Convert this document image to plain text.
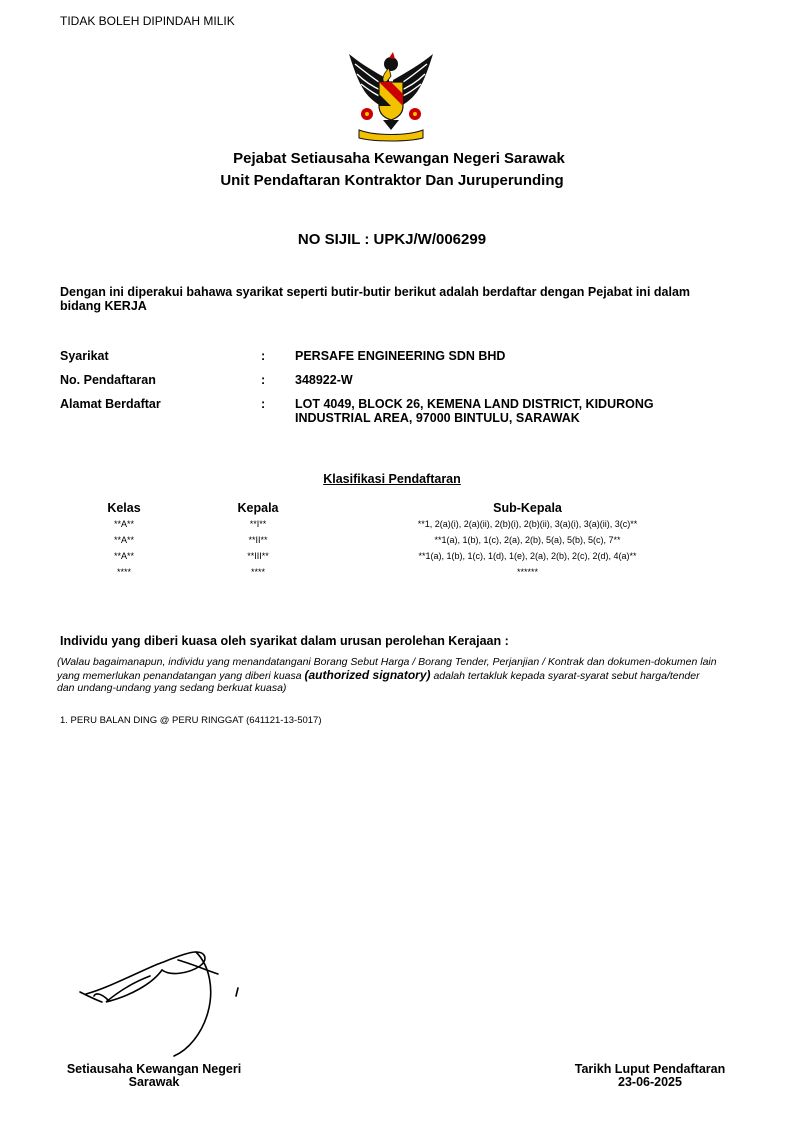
TIDAK BOLEH DIPINDAH MILIK
Pejabat Setiausaha Kewangan Negeri Sarawak
Unit Pendaftaran Kontraktor Dan Juruperunding
NO SIJIL : UPKJ/W/006299
Dengan ini diperakui bahawa syarikat seperti butir-butir berikut adalah berdaftar dengan Pejabat ini dalam bidang KERJA
Syarikat	: PERSAFE ENGINEERING SDN BHD
No. Pendaftaran	: 348922-W
Alamat Berdaftar	: LOT 4049, BLOCK 26, KEMENA LAND DISTRICT, KIDURONG INDUSTRIAL AREA, 97000 BINTULU, SARAWAK
Klasifikasi Pendaftaran
Kelas	Kepala	Sub-Kepala
**A**	**I**	**1, 2(a)(i), 2(a)(ii), 2(b)(i), 2(b)(ii), 3(a)(i), 3(a)(ii), 3(c)**
**A**	**II**	**1(a), 1(b), 1(c), 2(a), 2(b), 5(a), 5(b), 5(c), 7**
**A**	**III**	**1(a), 1(b), 1(c), 1(d), 1(e), 2(a), 2(b), 2(c), 2(d), 4(a)**
****	****	******
Individu yang diberi kuasa oleh syarikat dalam urusan perolehan Kerajaan :
(Walau bagaimanapun, individu yang menandatangani Borang Sebut Harga / Borang Tender, Perjanjian / Kontrak dan dokumen-dokumen lain yang memerlukan penandatangan yang diberi kuasa (authorized signatory) adalah tertakluk kepada syarat-syarat sebut harga/tender dan undang-undang yang sedang berkuat kuasa)
1. PERU BALAN DING @ PERU RINGGAT (641121-13-5017)
Setiausaha Kewangan Negeri
Sarawak
Tarikh Luput Pendaftaran
23-06-2025
